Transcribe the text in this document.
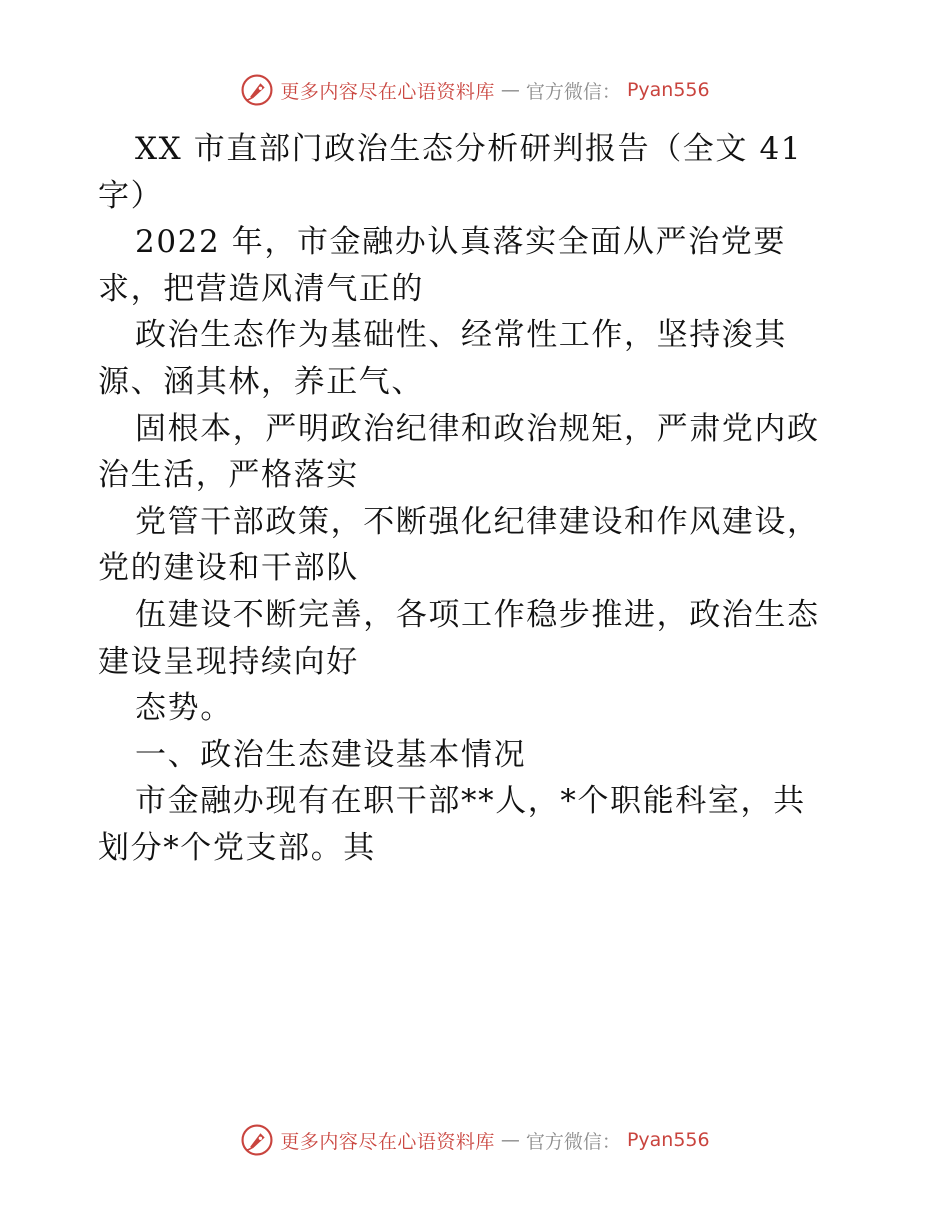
更多内容尽在心语资料库 — 官方微信： Pyan556
XX 市直部门政治生态分析研判报告（全文 41
字）
2022 年，市金融办认真落实全面从严治党要
求，把营造风清气正的
政治生态作为基础性、经常性工作，坚持浚其
源、涵其林，养正气、
固根本，严明政治纪律和政治规矩，严肃党内政
治生活，严格落实
党管干部政策，不断强化纪律建设和作风建设，
党的建设和干部队
伍建设不断完善，各项工作稳步推进，政治生态
建设呈现持续向好
态势。
一、政治生态建设基本情况
市金融办现有在职干部**人，*个职能科室，共
划分*个党支部。其
更多内容尽在心语资料库 — 官方微信： Pyan556
